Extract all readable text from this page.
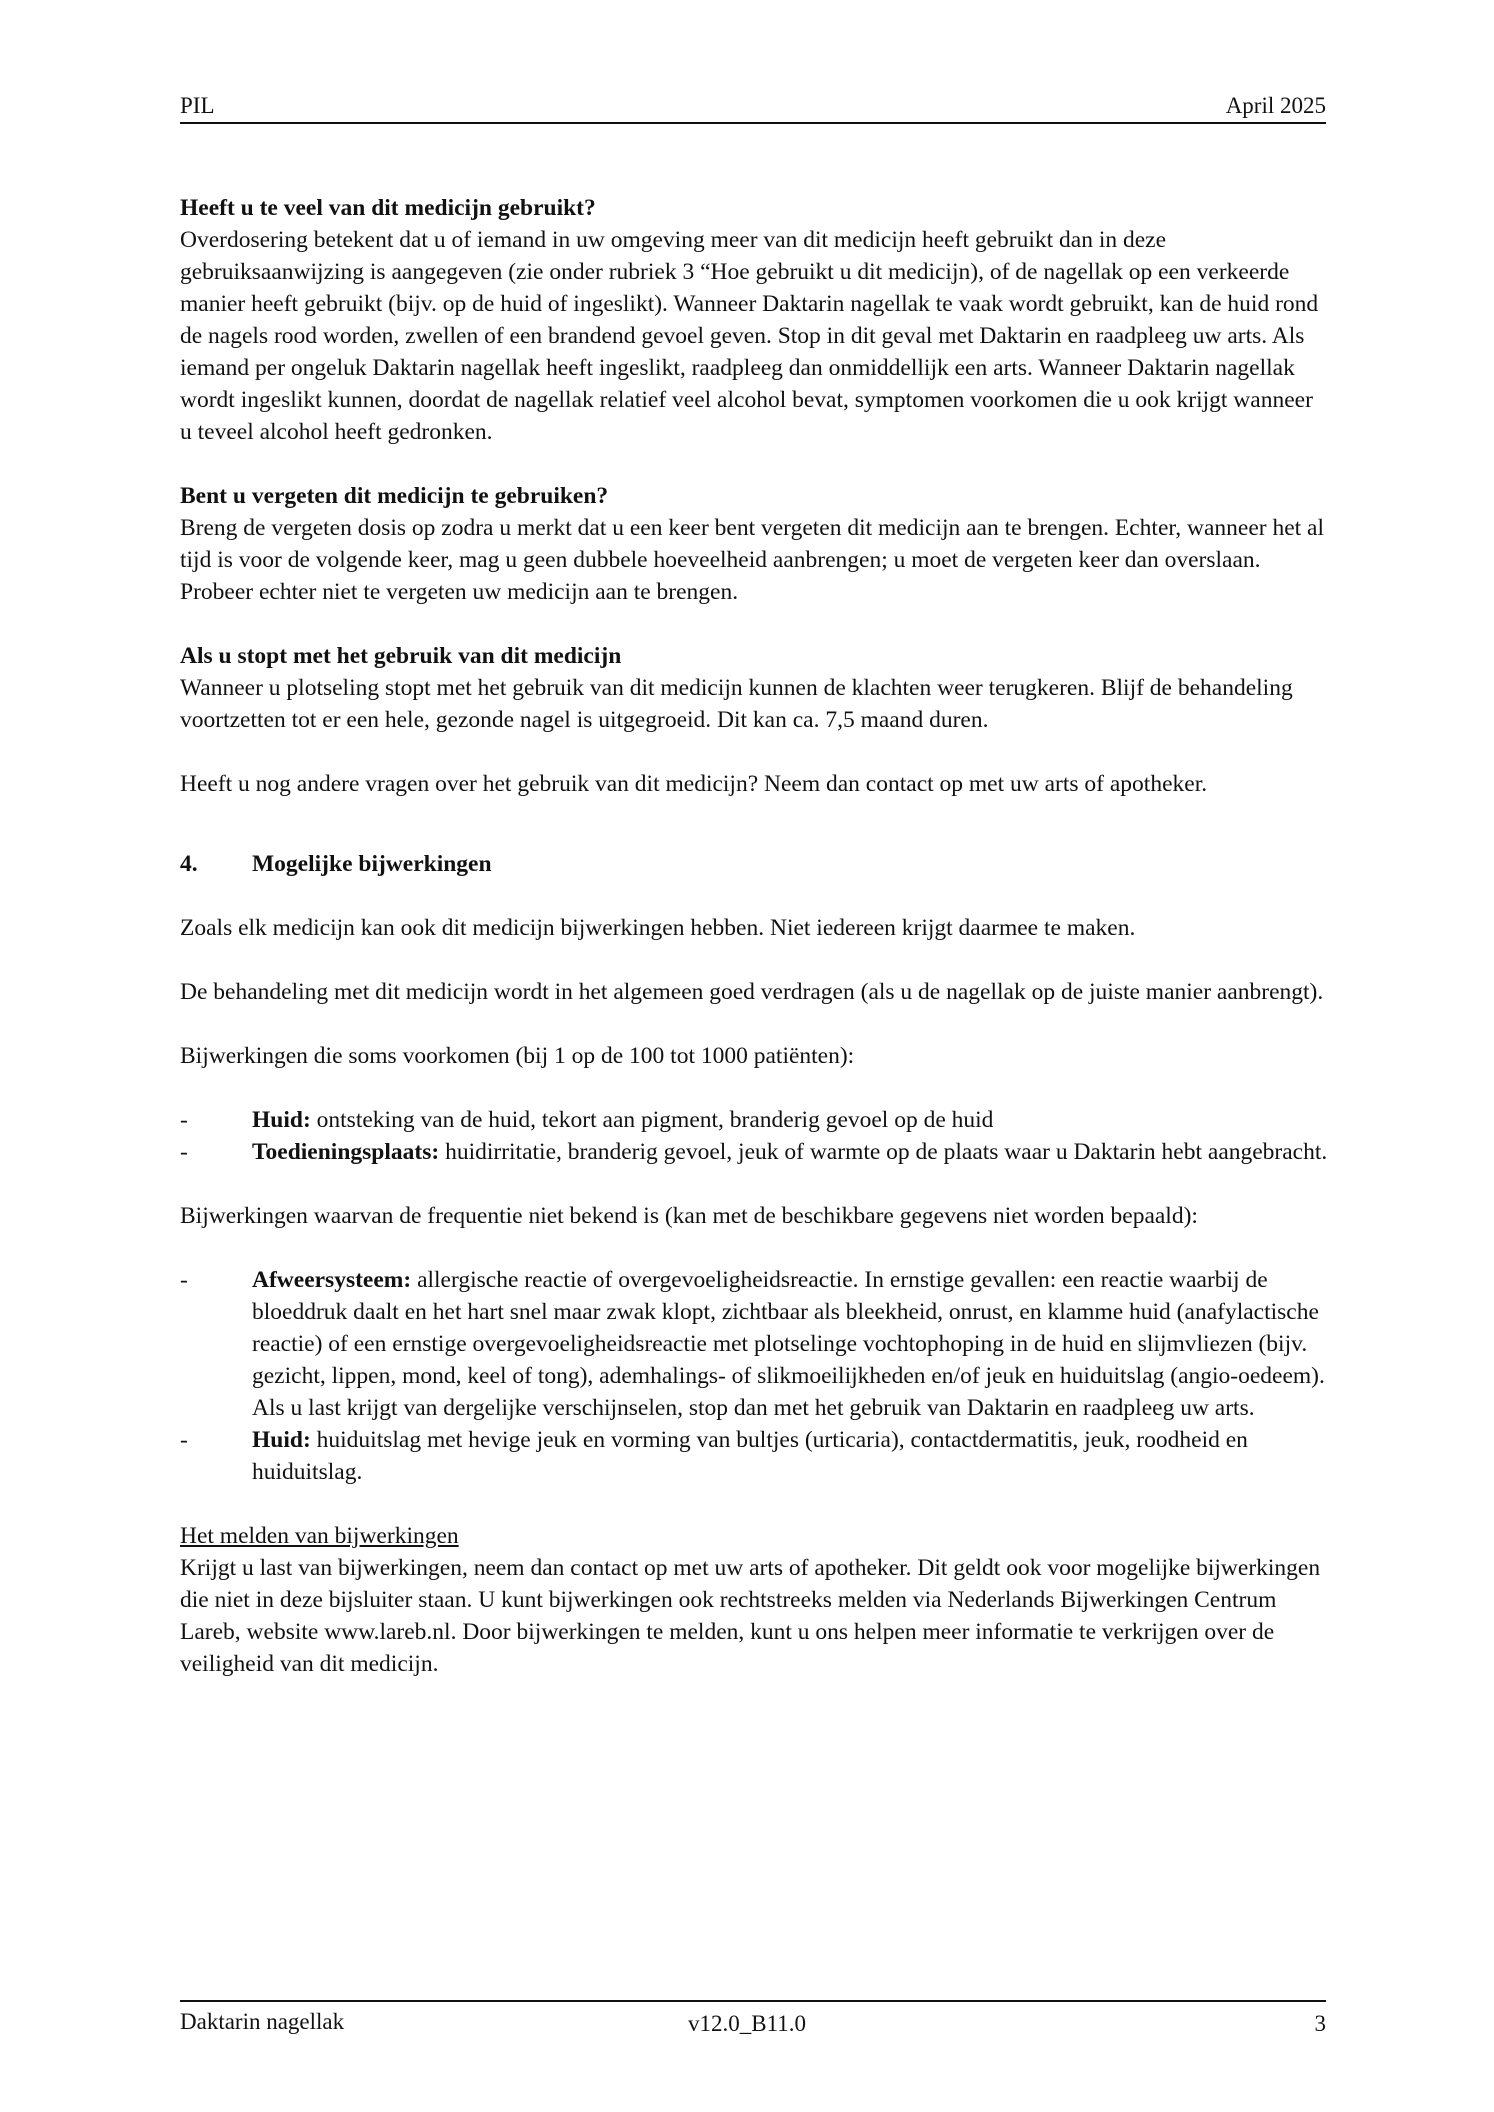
PIL	April 2025

Heeft u te veel van dit medicijn gebruikt?

Overdosering betekent dat u of iemand in uw omgeving meer van dit medicijn heeft gebruikt dan in deze gebruiksaanwijzing is aangegeven (zie onder rubriek 3 “Hoe gebruikt u dit medicijn), of de nagellak op een verkeerde manier heeft gebruikt (bijv. op de huid of ingeslikt). Wanneer Daktarin nagellak te vaak wordt gebruikt, kan de huid rond de nagels rood worden, zwellen of een brandend gevoel geven. Stop in dit geval met Daktarin en raadpleeg uw arts. Als iemand per ongeluk Daktarin nagellak heeft ingeslikt, raadpleeg dan onmiddellijk een arts. Wanneer Daktarin nagellak wordt ingeslikt kunnen, doordat de nagellak relatief veel alcohol bevat, symptomen voorkomen die u ook krijgt wanneer u teveel alcohol heeft gedronken.

Bent u vergeten dit medicijn te gebruiken?

Breng de vergeten dosis op zodra u merkt dat u een keer bent vergeten dit medicijn aan te brengen. Echter, wanneer het al tijd is voor de volgende keer, mag u geen dubbele hoeveelheid aanbrengen; u moet de vergeten keer dan overslaan. Probeer echter niet te vergeten uw medicijn aan te brengen.

Als u stopt met het gebruik van dit medicijn

Wanneer u plotseling stopt met het gebruik van dit medicijn kunnen de klachten weer terugkeren. Blijf de behandeling voortzetten tot er een hele, gezonde nagel is uitgegroeid. Dit kan ca. 7,5 maand duren.

Heeft u nog andere vragen over het gebruik van dit medicijn? Neem dan contact op met uw arts of apotheker.

4.	Mogelijke bijwerkingen

Zoals elk medicijn kan ook dit medicijn bijwerkingen hebben. Niet iedereen krijgt daarmee te maken.

De behandeling met dit medicijn wordt in het algemeen goed verdragen (als u de nagellak op de juiste manier aanbrengt).

Bijwerkingen die soms voorkomen (bij 1 op de 100 tot 1000 patiënten):

-	Huid: ontsteking van de huid, tekort aan pigment, branderig gevoel op de huid
-	Toedieningsplaats: huidirritatie, branderig gevoel, jeuk of warmte op de plaats waar u Daktarin hebt aangebracht.

Bijwerkingen waarvan de frequentie niet bekend is (kan met de beschikbare gegevens niet worden bepaald):

-	Afweersysteem: allergische reactie of overgevoeligheidsreactie. In ernstige gevallen: een reactie waarbij de bloeddruk daalt en het hart snel maar zwak klopt, zichtbaar als bleekheid, onrust, en klamme huid (anafylactische reactie) of een ernstige overgevoeligheidsreactie met plotselinge vochtophoping in de huid en slijmvliezen (bijv. gezicht, lippen, mond, keel of tong), ademhalings- of slikmoeilijkheden en/of jeuk en huiduitslag (angio-oedeem). Als u last krijgt van dergelijke verschijnselen, stop dan met het gebruik van Daktarin en raadpleeg uw arts.
-	Huid: huiduitslag met hevige jeuk en vorming van bultjes (urticaria), contactdermatitis, jeuk, roodheid en huiduitslag.

Het melden van bijwerkingen

Krijgt u last van bijwerkingen, neem dan contact op met uw arts of apotheker. Dit geldt ook voor mogelijke bijwerkingen die niet in deze bijsluiter staan. U kunt bijwerkingen ook rechtstreeks melden via Nederlands Bijwerkingen Centrum Lareb, website www.lareb.nl. Door bijwerkingen te melden, kunt u ons helpen meer informatie te verkrijgen over de veiligheid van dit medicijn.

Daktarin nagellak	v12.0_B11.0	3
